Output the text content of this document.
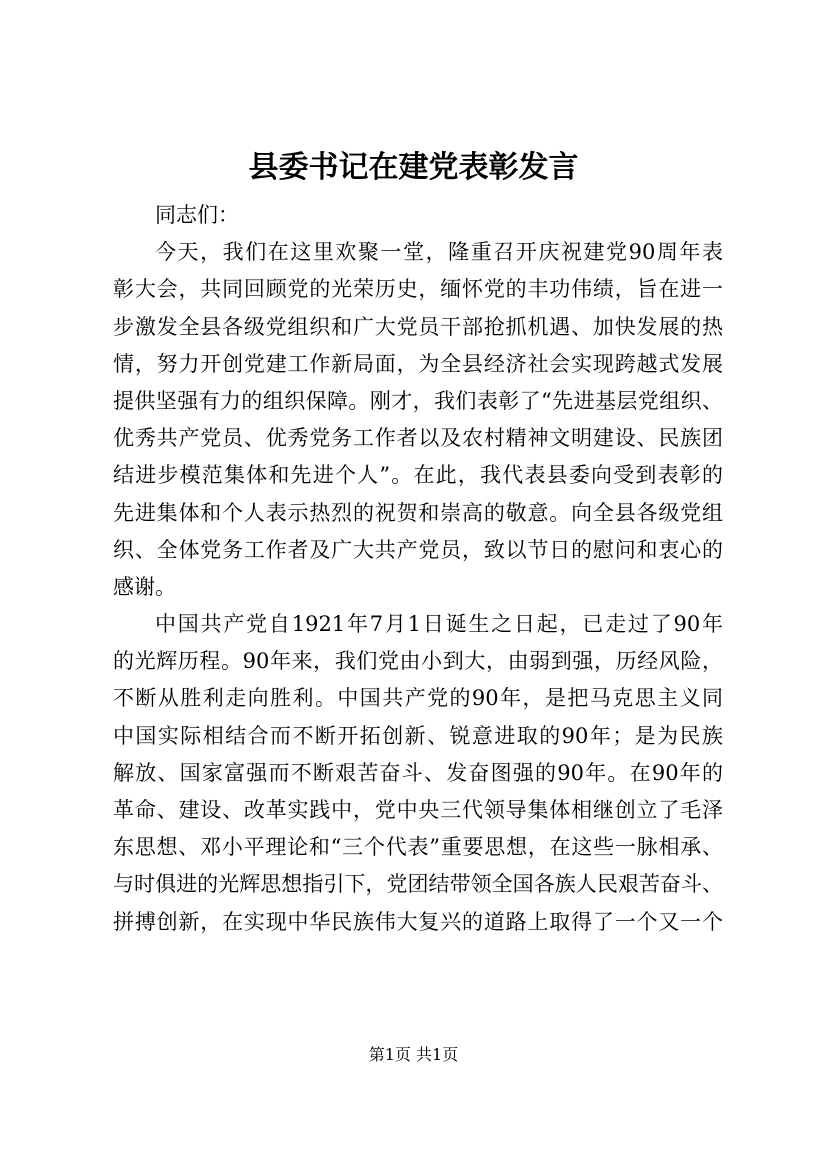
县委书记在建党表彰发言
同志们：
今天，我们在这里欢聚一堂，隆重召开庆祝建党90周年表
彰大会，共同回顾党的光荣历史，缅怀党的丰功伟绩，旨在进一
步激发全县各级党组织和广大党员干部抢抓机遇、加快发展的热
情，努力开创党建工作新局面，为全县经济社会实现跨越式发展
提供坚强有力的组织保障。刚才，我们表彰了“先进基层党组织、
优秀共产党员、优秀党务工作者以及农村精神文明建设、民族团
结进步模范集体和先进个人”。在此，我代表县委向受到表彰的
先进集体和个人表示热烈的祝贺和崇高的敬意。向全县各级党组
织、全体党务工作者及广大共产党员，致以节日的慰问和衷心的
感谢。
中国共产党自1921年7月1日诞生之日起，已走过了90年
的光辉历程。90年来，我们党由小到大，由弱到强，历经风险，
不断从胜利走向胜利。中国共产党的90年，是把马克思主义同
中国实际相结合而不断开拓创新、锐意进取的90年；是为民族
解放、国家富强而不断艰苦奋斗、发奋图强的90年。在90年的
革命、建设、改革实践中，党中央三代领导集体相继创立了毛泽
东思想、邓小平理论和“三个代表”重要思想，在这些一脉相承、
与时俱进的光辉思想指引下，党团结带领全国各族人民艰苦奋斗、
拼搏创新，在实现中华民族伟大复兴的道路上取得了一个又一个
第1页 共1页
